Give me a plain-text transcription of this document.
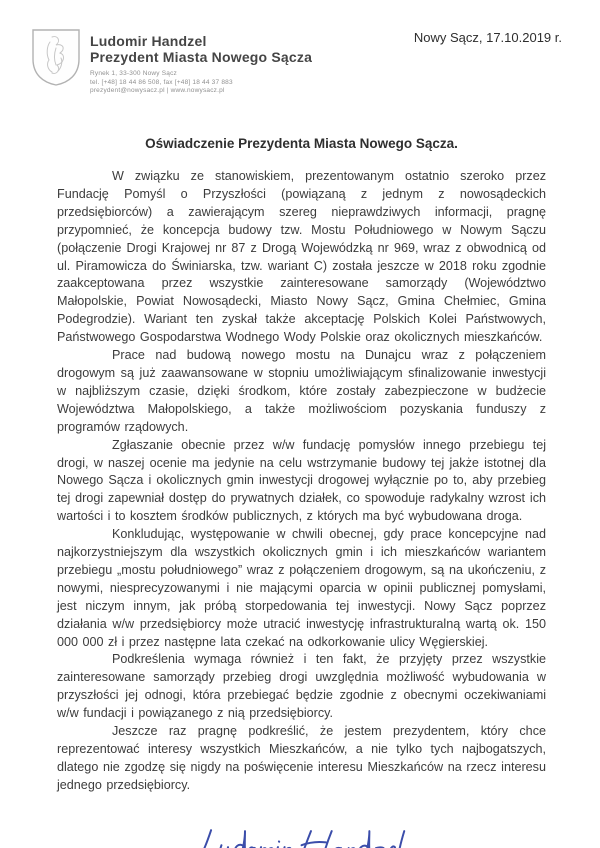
Ludomir Handzel
Prezydent Miasta Nowego Sącza
Rynek 1, 33-300 Nowy Sącz
tel. [+48] 18 44 86 508, fax [+48] 18 44 37 883
prezydent@nowysacz.pl | www.nowysacz.pl
Nowy Sącz, 17.10.2019 r.
Oświadczenie Prezydenta Miasta Nowego Sącza.

W związku ze stanowiskiem, prezentowanym ostatnio szeroko przez Fundację Pomyśl o Przyszłości (powiązaną z jednym z nowosądeckich przedsiębiorców) a zawierającym szereg nieprawdziwych informacji, pragnę przypomnieć, że koncepcja budowy tzw. Mostu Południowego w Nowym Sączu (połączenie Drogi Krajowej nr 87 z Drogą Wojewódzką nr 969, wraz z obwodnicą od ul. Piramowicza do Świniarska, tzw. wariant C) została jeszcze w 2018 roku zgodnie zaakceptowana przez wszystkie zainteresowane samorządy (Województwo Małopolskie, Powiat Nowosądecki, Miasto Nowy Sącz, Gmina Chełmiec, Gmina Podegrodzie). Wariant ten zyskał także akceptację Polskich Kolei Państwowych, Państwowego Gospodarstwa Wodnego Wody Polskie oraz okolicznych mieszkańców.

Prace nad budową nowego mostu na Dunajcu wraz z połączeniem drogowym są już zaawansowane w stopniu umożliwiającym sfinalizowanie inwestycji w najbliższym czasie, dzięki środkom, które zostały zabezpieczone w budżecie Województwa Małopolskiego, a także możliwościom pozyskania funduszy z programów rządowych.

Zgłaszanie obecnie przez w/w fundację pomysłów innego przebiegu tej drogi, w naszej ocenie ma jedynie na celu wstrzymanie budowy tej jakże istotnej dla Nowego Sącza i okolicznych gmin inwestycji drogowej wyłącznie po to, aby przebieg tej drogi zapewniał dostęp do prywatnych działek, co spowoduje radykalny wzrost ich wartości i to kosztem środków publicznych, z których ma być wybudowana droga.

Konkludując, występowanie w chwili obecnej, gdy prace koncepcyjne nad najkorzystniejszym dla wszystkich okolicznych gmin i ich mieszkańców wariantem przebiegu „mostu południowego” wraz z połączeniem drogowym, są na ukończeniu, z nowymi, niesprecyzowanymi i nie mającymi oparcia w opinii publicznej pomysłami, jest niczym innym, jak próbą storpedowania tej inwestycji. Nowy Sącz poprzez działania w/w przedsiębiorcy może utracić inwestycję infrastrukturalną wartą ok. 150 000 000 zł i przez następne lata czekać na odkorkowanie ulicy Węgierskiej.

Podkreślenia wymaga również i ten fakt, że przyjęty przez wszystkie zainteresowane samorządy przebieg drogi uwzględnia możliwość wybudowania w przyszłości jej odnogi, która przebiegać będzie zgodnie z obecnymi oczekiwaniami w/w fundacji i powiązanego z nią przedsiębiorcy.

Jeszcze raz pragnę podkreślić, że jestem prezydentem, który chce reprezentować interesy wszystkich Mieszkańców, a nie tylko tych najbogatszych, dlatego nie zgodzę się nigdy na poświęcenie interesu Mieszkańców na rzecz interesu jednego przedsiębiorcy.
